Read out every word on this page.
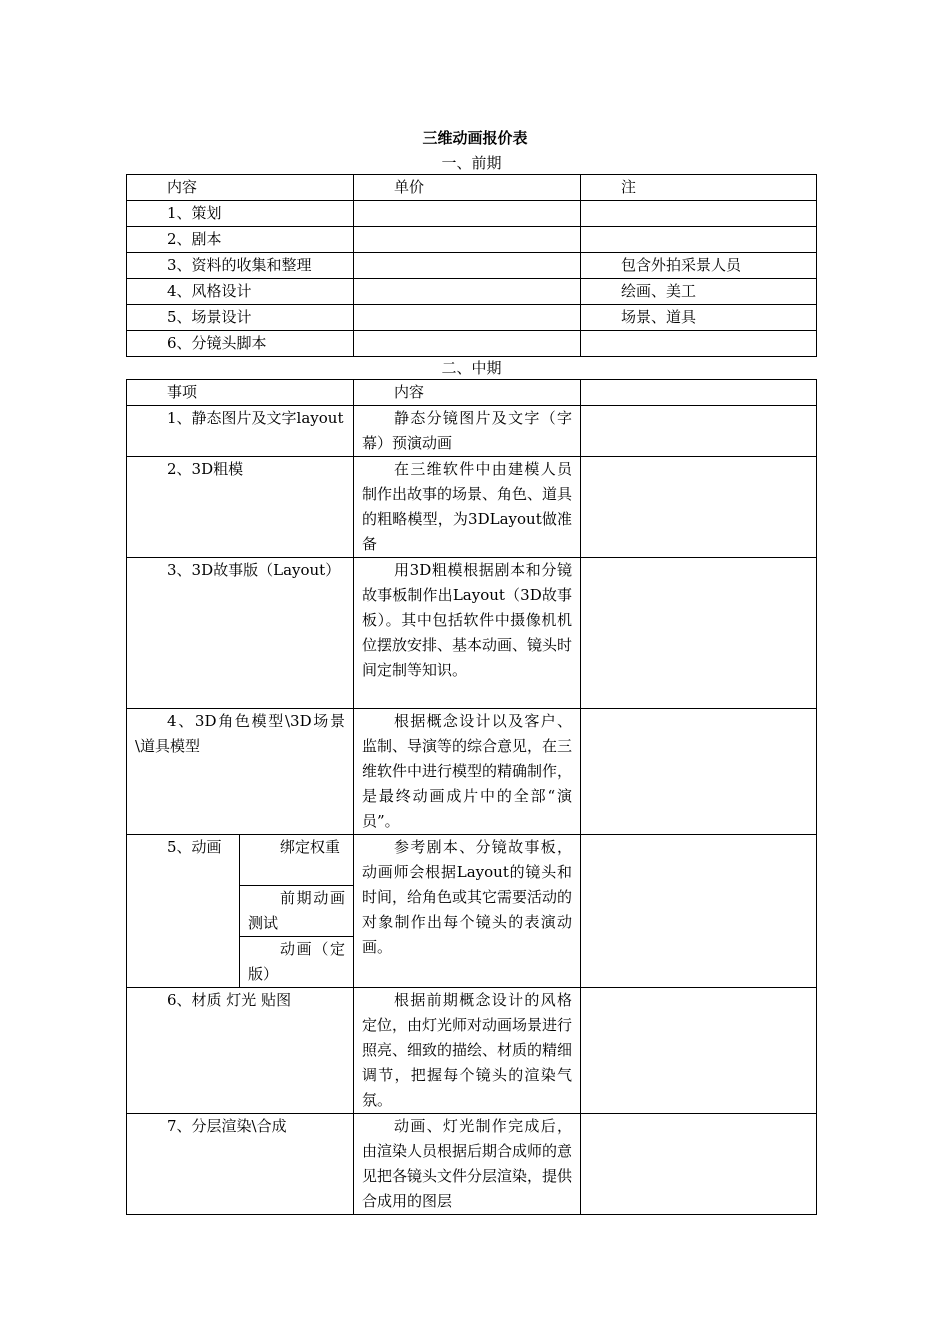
三维动画报价表
一、前期
内容	单价	注
1、策划		
2、剧本		
3、资料的收集和整理		包含外拍采景人员
4、风格设计		绘画、美工
5、场景设计		场景、道具
6、分镜头脚本		
二、中期
事项		内容	
1、静态图片及文字layout		静态分镜图片及文字（字幕）预演动画	
2、3D粗模		在三维软件中由建模人员制作出故事的场景、角色、道具的粗略模型，为3DLayout做准备	
3、3D故事版（Layout）		用3D粗模根据剧本和分镜故事板制作出Layout（3D故事板）。其中包括软件中摄像机机位摆放安排、基本动画、镜头时间定制等知识。	
4、3D角色模型\3D场景\道具模型		根据概念设计以及客户、监制、导演等的综合意见，在三维软件中进行模型的精确制作，是最终动画成片中的全部“演员”。	
5、动画	绑定权重	参考剧本、分镜故事板，动画师会根据Layout的镜头和时间，给角色或其它需要活动的对象制作出每个镜头的表演动画。	
	前期动画测试		
	动画（定版）		
6、材质 灯光 贴图		根据前期概念设计的风格定位，由灯光师对动画场景进行照亮、细致的描绘、材质的精细调节，把握每个镜头的渲染气氛。	
7、分层渲染\合成		动画、灯光制作完成后，由渲染人员根据后期合成师的意见把各镜头文件分层渲染，提供合成用的图层	
